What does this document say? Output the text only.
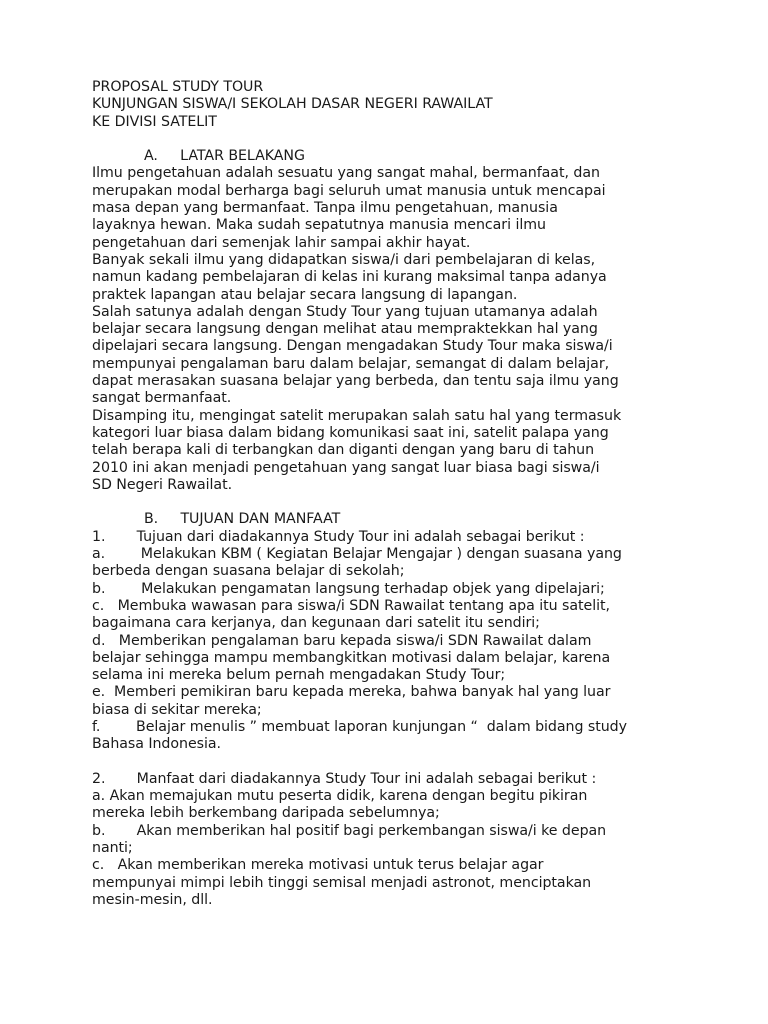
PROPOSAL STUDY TOUR
KUNJUNGAN SISWA/I SEKOLAH DASAR NEGERI RAWAILAT
KE DIVISI SATELIT
A.     LATAR BELAKANG
Ilmu pengetahuan adalah sesuatu yang sangat mahal, bermanfaat, dan
merupakan modal berharga bagi seluruh umat manusia untuk mencapai
masa depan yang bermanfaat. Tanpa ilmu pengetahuan, manusia
layaknya hewan. Maka sudah sepatutnya manusia mencari ilmu
pengetahuan dari semenjak lahir sampai akhir hayat.
Banyak sekali ilmu yang didapatkan siswa/i dari pembelajaran di kelas,
namun kadang pembelajaran di kelas ini kurang maksimal tanpa adanya
praktek lapangan atau belajar secara langsung di lapangan.
Salah satunya adalah dengan Study Tour yang tujuan utamanya adalah
belajar secara langsung dengan melihat atau mempraktekkan hal yang
dipelajari secara langsung. Dengan mengadakan Study Tour maka siswa/i
mempunyai pengalaman baru dalam belajar, semangat di dalam belajar,
dapat merasakan suasana belajar yang berbeda, dan tentu saja ilmu yang
sangat bermanfaat.
Disamping itu, mengingat satelit merupakan salah satu hal yang termasuk
kategori luar biasa dalam bidang komunikasi saat ini, satelit palapa yang
telah berapa kali di terbangkan dan diganti dengan yang baru di tahun
2010 ini akan menjadi pengetahuan yang sangat luar biasa bagi siswa/i
SD Negeri Rawailat.
B.     TUJUAN DAN MANFAAT
1.       Tujuan dari diadakannya Study Tour ini adalah sebagai berikut :
a.        Melakukan KBM ( Kegiatan Belajar Mengajar ) dengan suasana yang
berbeda dengan suasana belajar di sekolah;
b.        Melakukan pengamatan langsung terhadap objek yang dipelajari;
c.   Membuka wawasan para siswa/i SDN Rawailat tentang apa itu satelit,
bagaimana cara kerjanya, dan kegunaan dari satelit itu sendiri;
d.   Memberikan pengalaman baru kepada siswa/i SDN Rawailat dalam
belajar sehingga mampu membangkitkan motivasi dalam belajar, karena
selama ini mereka belum pernah mengadakan Study Tour;
e.  Memberi pemikiran baru kepada mereka, bahwa banyak hal yang luar
biasa di sekitar mereka;
f.        Belajar menulis ” membuat laporan kunjungan “  dalam bidang study
Bahasa Indonesia.
2.       Manfaat dari diadakannya Study Tour ini adalah sebagai berikut :
a. Akan memajukan mutu peserta didik, karena dengan begitu pikiran
mereka lebih berkembang daripada sebelumnya;
b.       Akan memberikan hal positif bagi perkembangan siswa/i ke depan
nanti;
c.   Akan memberikan mereka motivasi untuk terus belajar agar
mempunyai mimpi lebih tinggi semisal menjadi astronot, menciptakan
mesin-mesin, dll.
